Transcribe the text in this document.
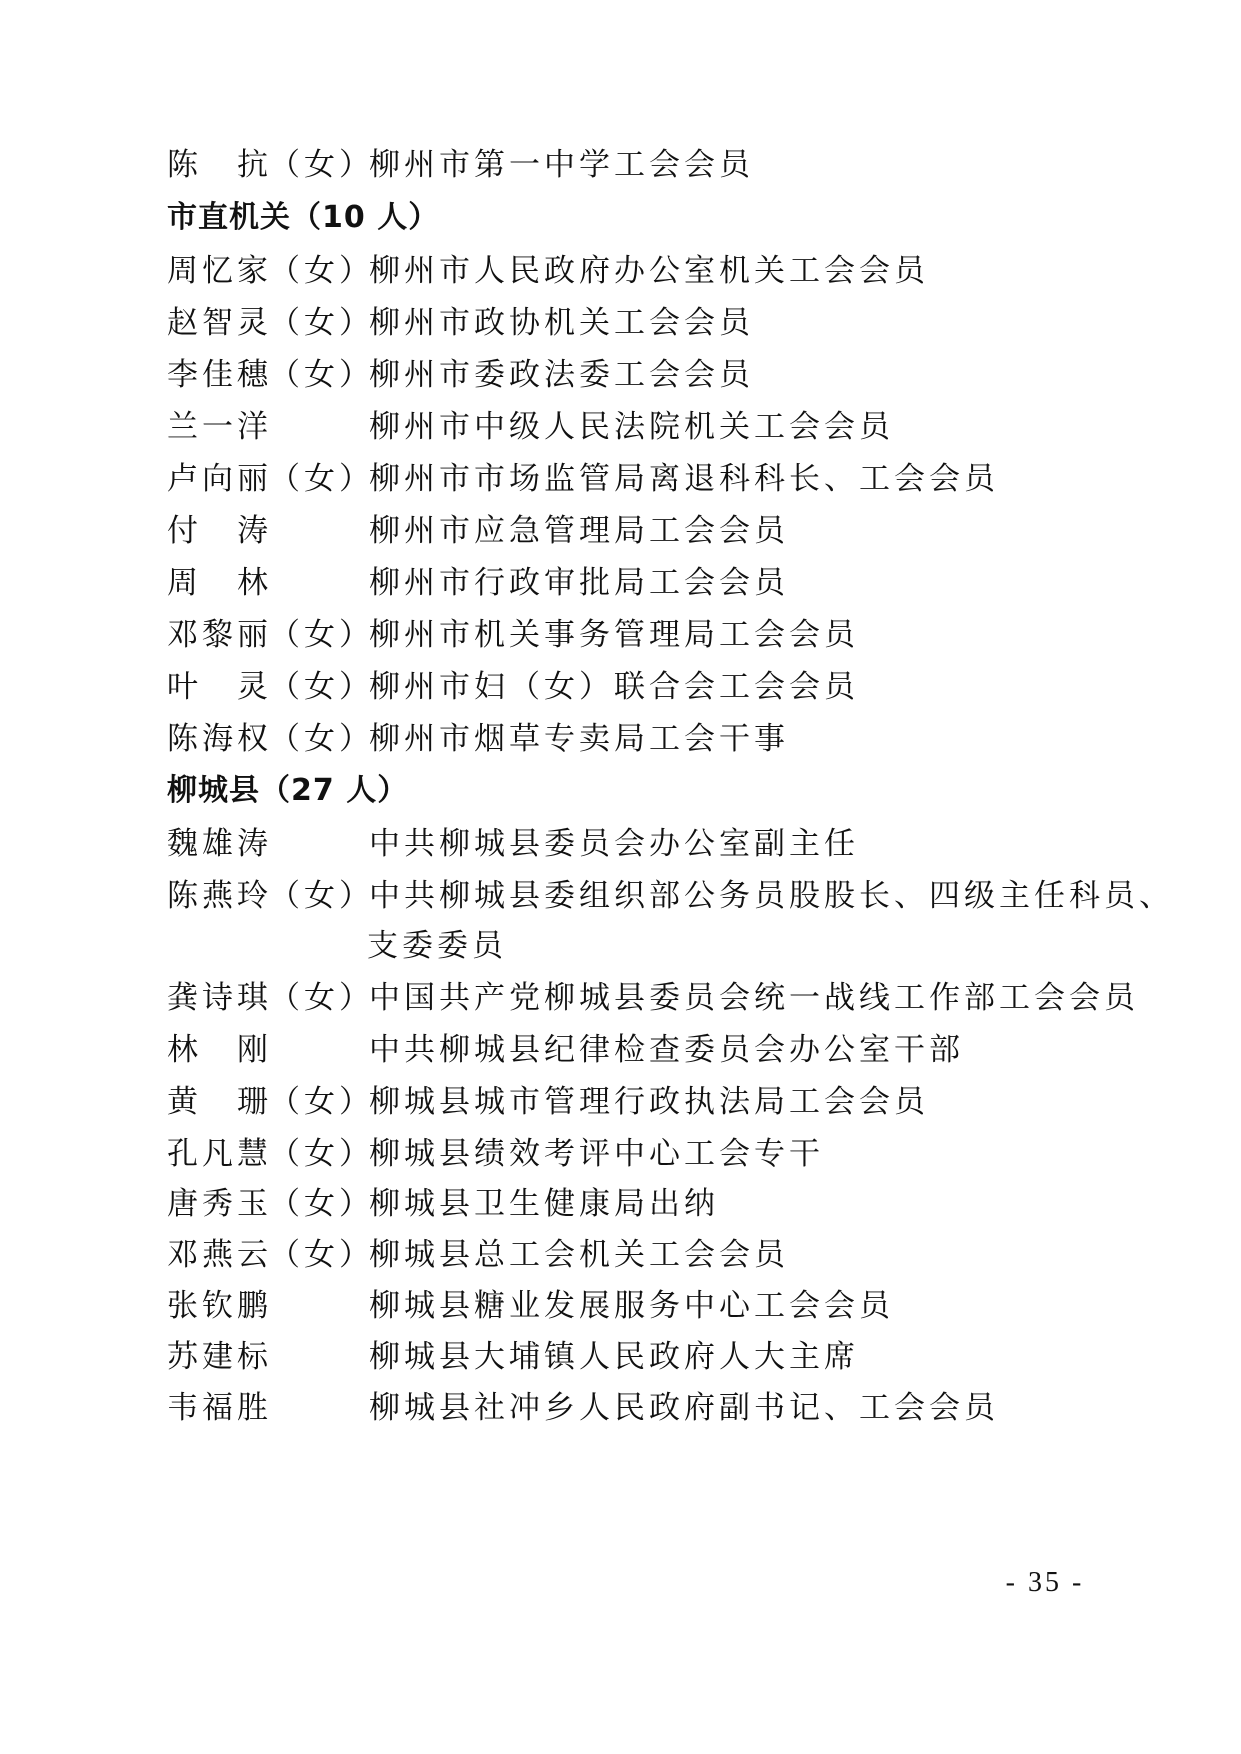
陈　抗（女）柳州市第一中学工会会员
市直机关（10 人）
周忆家（女）柳州市人民政府办公室机关工会会员
赵智灵（女）柳州市政协机关工会会员
李佳穗（女）柳州市委政法委工会会员
兰一洋	柳州市中级人民法院机关工会会员
卢向丽（女）柳州市市场监管局离退科科长、工会会员
付　涛	柳州市应急管理局工会会员
周　林	柳州市行政审批局工会会员
邓黎丽（女）柳州市机关事务管理局工会会员
叶　灵（女）柳州市妇（女）联合会工会会员
陈海权（女）柳州市烟草专卖局工会干事
柳城县（27 人）
魏雄涛	中共柳城县委员会办公室副主任
陈燕玲（女）中共柳城县委组织部公务员股股长、四级主任科员、
支委委员
龚诗琪（女）中国共产党柳城县委员会统一战线工作部工会会员
林　刚	中共柳城县纪律检查委员会办公室干部
黄　珊（女）柳城县城市管理行政执法局工会会员
孔凡慧（女）柳城县绩效考评中心工会专干
唐秀玉（女）柳城县卫生健康局出纳
邓燕云（女）柳城县总工会机关工会会员
张钦鹏	柳城县糖业发展服务中心工会会员
苏建标	柳城县大埔镇人民政府人大主席
韦福胜	柳城县社冲乡人民政府副书记、工会会员
- 35 -
